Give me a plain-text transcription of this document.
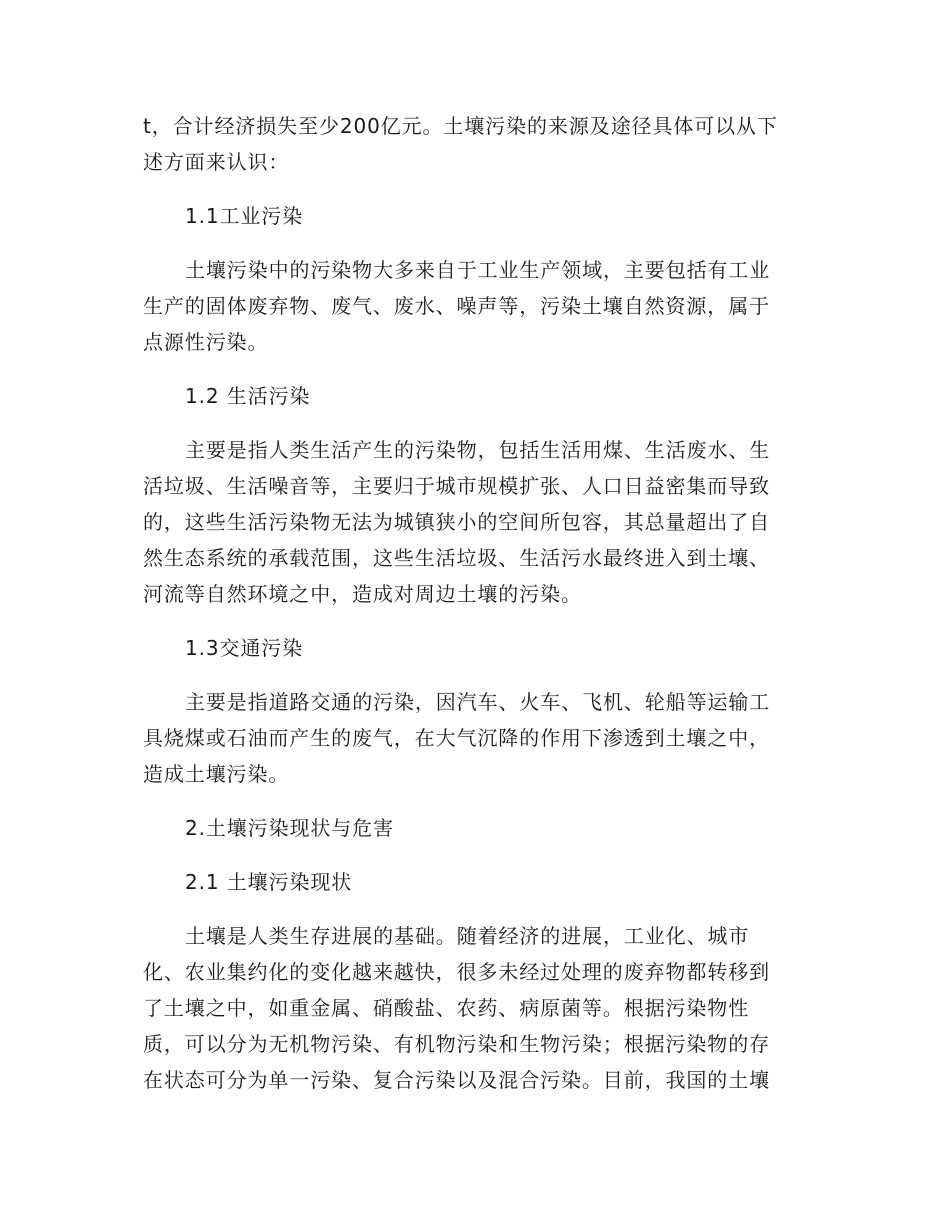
t，合计经济损失至少200亿元。土壤污染的来源及途径具体可以从下
述方面来认识：
1.1工业污染
土壤污染中的污染物大多来自于工业生产领域，主要包括有工业
生产的固体废弃物、废气、废水、噪声等，污染土壤自然资源，属于
点源性污染。
1.2 生活污染
主要是指人类生活产生的污染物，包括生活用煤、生活废水、生
活垃圾、生活噪音等，主要归于城市规模扩张、人口日益密集而导致
的，这些生活污染物无法为城镇狭小的空间所包容，其总量超出了自
然生态系统的承载范围，这些生活垃圾、生活污水最终进入到土壤、
河流等自然环境之中，造成对周边土壤的污染。
1.3交通污染
主要是指道路交通的污染，因汽车、火车、飞机、轮船等运输工
具烧煤或石油而产生的废气，在大气沉降的作用下渗透到土壤之中，
造成土壤污染。
2.土壤污染现状与危害
2.1 土壤污染现状
土壤是人类生存进展的基础。随着经济的进展，工业化、城市
化、农业集约化的变化越来越快，很多未经过处理的废弃物都转移到
了土壤之中，如重金属、硝酸盐、农药、病原菌等。根据污染物性
质，可以分为无机物污染、有机物污染和生物污染；根据污染物的存
在状态可分为单一污染、复合污染以及混合污染。目前，我国的土壤
